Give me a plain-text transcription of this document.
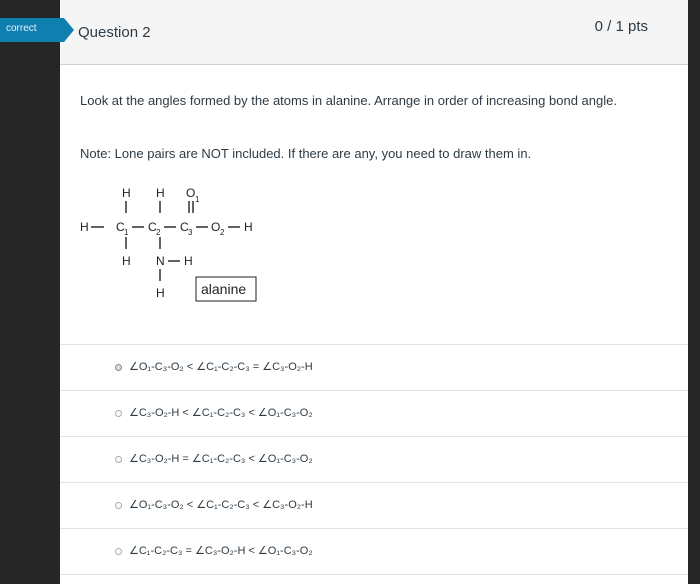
Question 2	0 / 1 pts
Look at the angles formed by the atoms in alanine. Arrange in order of increasing bond angle.
Note: Lone pairs are NOT included. If there are any, you need to draw them in.
H H O 1
H C 1 C 2 C 3 O 2 H
H N H
H	alanine
∠O₁-C₃-O₂ < ∠C₁-C₂-C₃ = ∠C₃-O₂-H
∠C₃-O₂-H < ∠C₁-C₂-C₃ < ∠O₁-C₃-O₂
∠C₃-O₂-H = ∠C₁-C₂-C₃ < ∠O₁-C₃-O₂
∠O₁-C₃-O₂ < ∠C₁-C₂-C₃ < ∠C₃-O₂-H
∠C₁-C₂-C₃ = ∠C₃-O₂-H < ∠O₁-C₃-O₂
correct
